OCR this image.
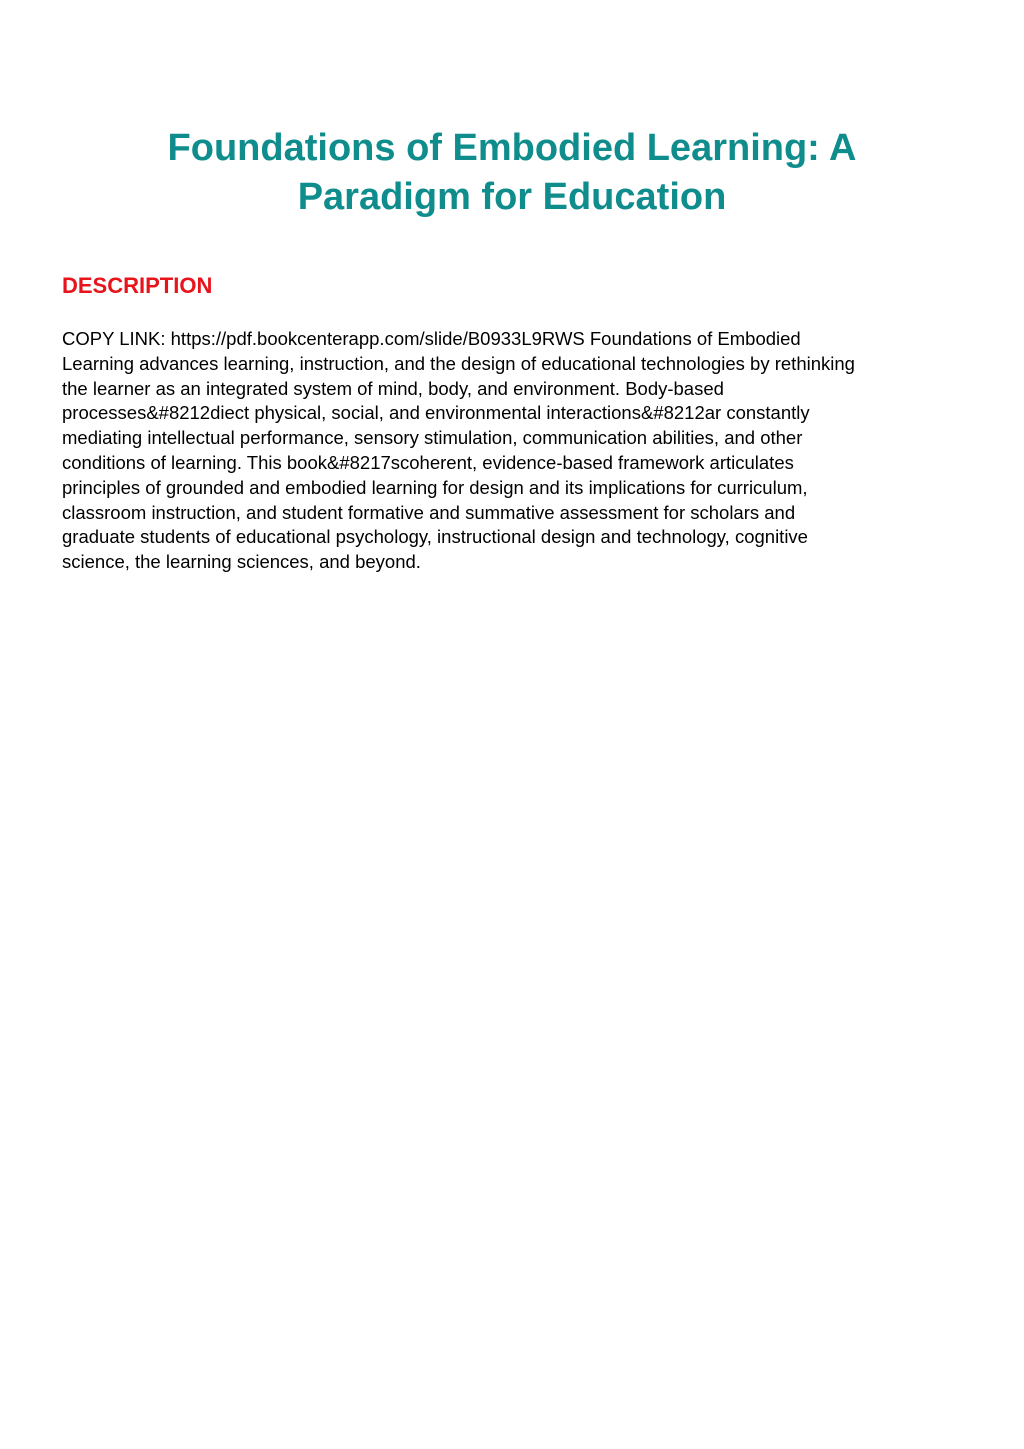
Foundations of Embodied Learning: A
Paradigm for Education
DESCRIPTION

COPY LINK: https://pdf.bookcenterapp.com/slide/B0933L9RWS Foundations of Embodied
Learning advances learning, instruction, and the design of educational technologies by rethinking
the learner as an integrated system of mind, body, and environment. Body-based
processes&#8212diect physical, social, and environmental interactions&#8212ar constantly
mediating intellectual performance, sensory stimulation, communication abilities, and other
conditions of learning. This book&#8217scoherent, evidence-based framework articulates
principles of grounded and embodied learning for design and its implications for curriculum,
classroom instruction, and student formative and summative assessment for scholars and
graduate students of educational psychology, instructional design and technology, cognitive
science, the learning sciences, and beyond.
